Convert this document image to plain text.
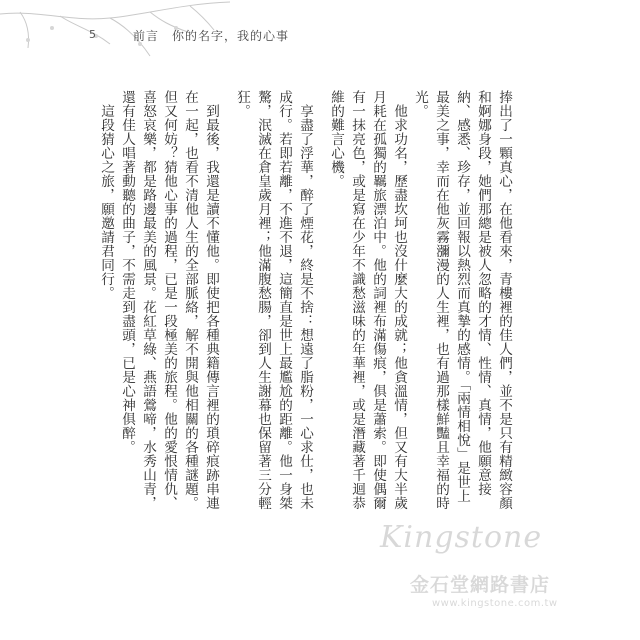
5	前言　你的名字，我的心事

捧出了一顆真心，在他看來，青樓裡的佳人們，並不是只有精緻容顏和婀娜身段，她們那總是被人忽略的才情、性情、真情，他願意接納、感悉、珍存，並回報以熱烈而真摯的感情。「兩情相悅」是世上最美之事，幸而在他灰霧瀰漫的人生裡，也有過那樣鮮豔且幸福的時光。

他求功名，歷盡坎坷也沒什麼大的成就；他貪溫情，但又有大半歲月耗在孤獨的羈旅漂泊中。他的詞裡布滿傷痕，俱是蕭索。即使偶爾有一抹亮色，或是寫在少年不識愁滋味的年華裡，或是潛藏著千迴恭維的難言心機。

享盡了浮華，醉了煙花，終是不捨：想遠了脂粉，一心求仕，也未成行。若即若離，不進不退，這簡直是世上最尷尬的距離。他一身桀驁，泯滅在倉皇歲月裡；他滿腹愁腸，卻到人生謝幕也保留著三分輕狂。

到最後，我還是讀不懂他。即使把各種典籍傳言裡的瑣碎痕跡串連在一起，也看不清他人生的全部脈絡，解不開與他相關的各種謎題。但又何妨？猜他心事的過程，已是一段極美的旅程。他的愛恨情仇、喜怒哀樂，都是路邊最美的風景。花紅草綠、燕語鶯啼，水秀山青，還有佳人唱著動聽的曲子，不需走到盡頭，已是心神俱醉。

這段猜心之旅，願邀請君同行。

Kingstone
金石堂網路書店
www.kingstone.com.tw
